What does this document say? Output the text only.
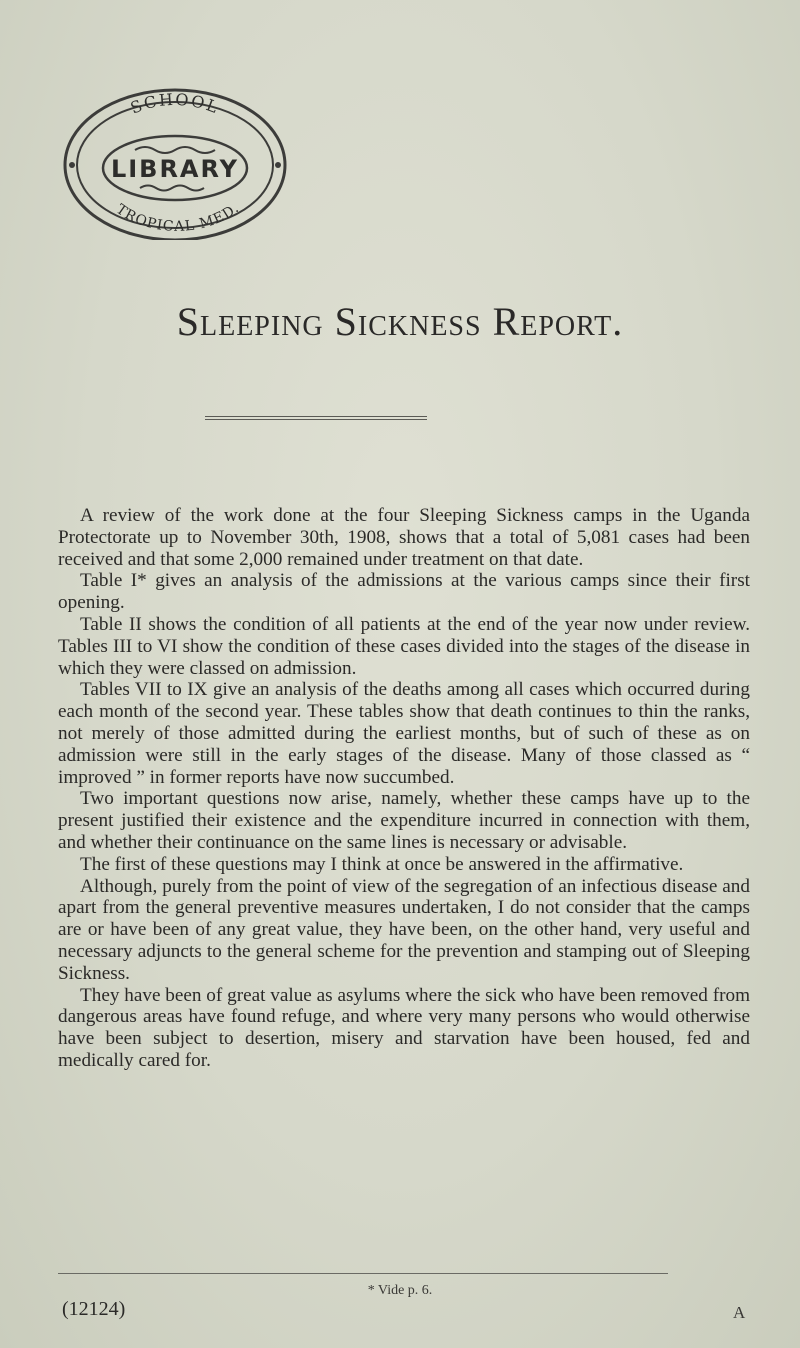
SCHOOL
TROPICAL MED.
LIBRARY
Sleeping Sickness Report.

A review of the work done at the four Sleeping Sickness camps in the Uganda Protectorate up to November 30th, 1908, shows that a total of 5,081 cases had been received and that some 2,000 remained under treatment on that date.

Table I* gives an analysis of the admissions at the various camps since their first opening.

Table II shows the condition of all patients at the end of the year now under review. Tables III to VI show the condition of these cases divided into the stages of the disease in which they were classed on admission.

Tables VII to IX give an analysis of the deaths among all cases which occurred during each month of the second year. These tables show that death continues to thin the ranks, not merely of those admitted during the earliest months, but of such of these as on admission were still in the early stages of the disease. Many of those classed as “ improved ” in former reports have now succumbed.

Two important questions now arise, namely, whether these camps have up to the present justified their existence and the expenditure incurred in connection with them, and whether their continuance on the same lines is necessary or advisable.

The first of these questions may I think at once be answered in the affirmative.

Although, purely from the point of view of the segregation of an infectious disease and apart from the general preventive measures undertaken, I do not consider that the camps are or have been of any great value, they have been, on the other hand, very useful and necessary adjuncts to the general scheme for the prevention and stamping out of Sleeping Sickness.

They have been of great value as asylums where the sick who have been removed from dangerous areas have found refuge, and where very many persons who would otherwise have been subject to desertion, misery and starvation have been housed, fed and medically cared for.

* Vide p. 6.
(12124)	A
